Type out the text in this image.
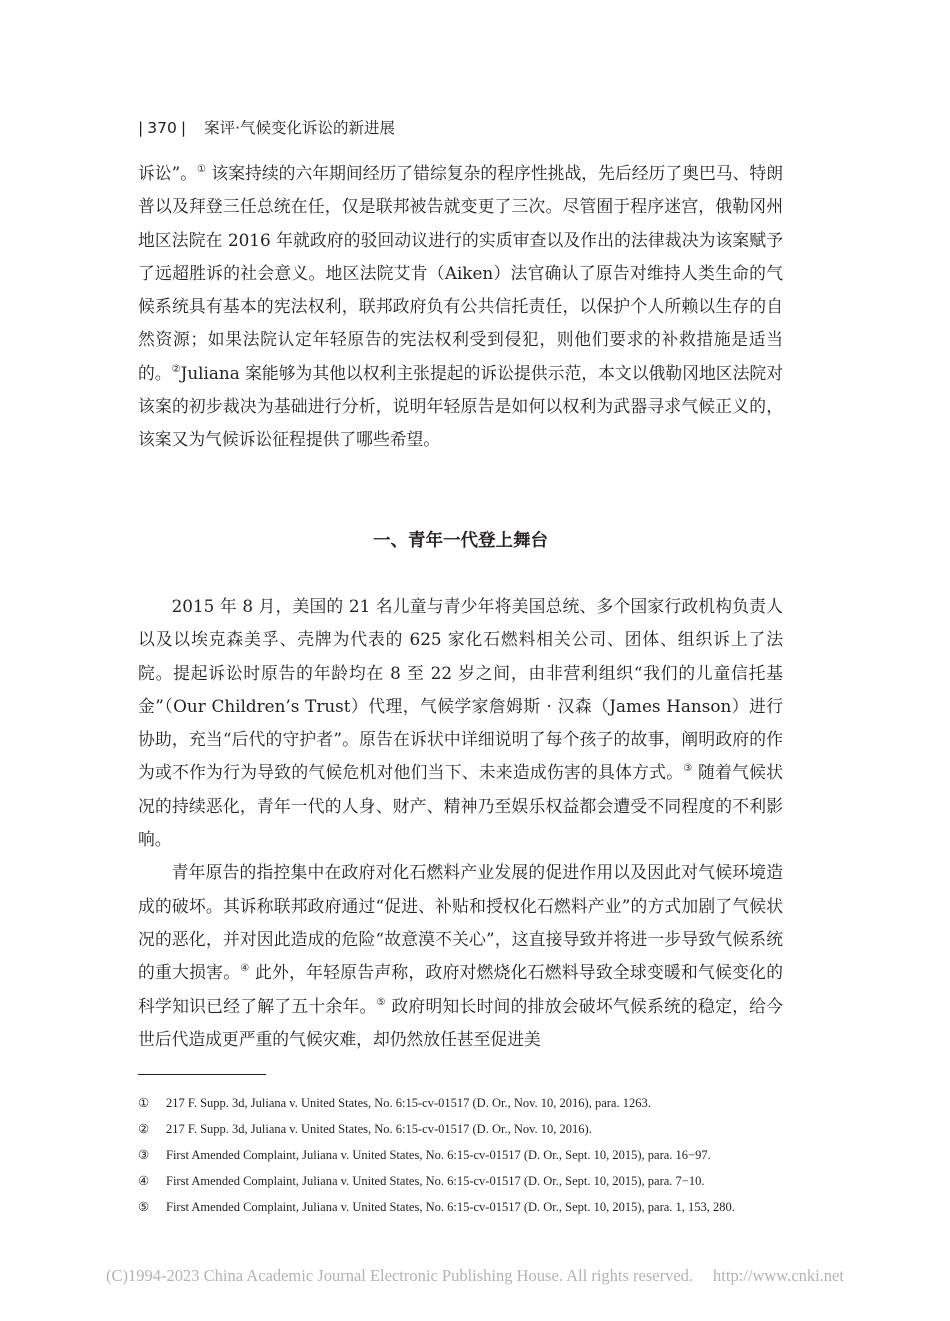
| 370 | 案评·气候变化诉讼的新进展

诉讼”。① 该案持续的六年期间经历了错综复杂的程序性挑战，先后经历了奥巴马、特朗普以及拜登三任总统在任，仅是联邦被告就变更了三次。尽管囿于程序迷宫，俄勒冈州地区法院在 2016 年就政府的驳回动议进行的实质审查以及作出的法律裁决为该案赋予了远超胜诉的社会意义。地区法院艾肯（Aiken）法官确认了原告对维持人类生命的气候系统具有基本的宪法权利，联邦政府负有公共信托责任，以保护个人所赖以生存的自然资源；如果法院认定年轻原告的宪法权利受到侵犯，则他们要求的补救措施是适当的。②Juliana 案能够为其他以权利主张提起的诉讼提供示范，本文以俄勒冈地区法院对该案的初步裁决为基础进行分析，说明年轻原告是如何以权利为武器寻求气候正义的，该案又为气候诉讼征程提供了哪些希望。

一、青年一代登上舞台

2015 年 8 月，美国的 21 名儿童与青少年将美国总统、多个国家行政机构负责人以及以埃克森美孚、壳牌为代表的 625 家化石燃料相关公司、团体、组织诉上了法院。提起诉讼时原告的年龄均在 8 至 22 岁之间，由非营利组织“我们的儿童信托基金”（Our Children’s Trust）代理，气候学家詹姆斯 · 汉森（James Hanson）进行协助，充当“后代的守护者”。原告在诉状中详细说明了每个孩子的故事，阐明政府的作为或不作为行为导致的气候危机对他们当下、未来造成伤害的具体方式。③ 随着气候状况的持续恶化，青年一代的人身、财产、精神乃至娱乐权益都会遭受不同程度的不利影响。

青年原告的指控集中在政府对化石燃料产业发展的促进作用以及因此对气候环境造成的破坏。其诉称联邦政府通过“促进、补贴和授权化石燃料产业”的方式加剧了气候状况的恶化，并对因此造成的危险“故意漠不关心”，这直接导致并将进一步导致气候系统的重大损害。④ 此外，年轻原告声称，政府对燃烧化石燃料导致全球变暖和气候变化的科学知识已经了解了五十余年。⑤ 政府明知长时间的排放会破坏气候系统的稳定，给今世后代造成更严重的气候灾难，却仍然放任甚至促进美

①	217 F. Supp. 3d, Juliana v. United States, No. 6:15-cv-01517 (D. Or., Nov. 10, 2016), para. 1263.
②	217 F. Supp. 3d, Juliana v. United States, No. 6:15-cv-01517 (D. Or., Nov. 10, 2016).
③	First Amended Complaint, Juliana v. United States, No. 6:15-cv-01517 (D. Or., Sept. 10, 2015), para. 16−97.
④	First Amended Complaint, Juliana v. United States, No. 6:15-cv-01517 (D. Or., Sept. 10, 2015), para. 7−10.
⑤	First Amended Complaint, Juliana v. United States, No. 6:15-cv-01517 (D. Or., Sept. 10, 2015), para. 1, 153, 280.
(C)1994-2023 China Academic Journal Electronic Publishing House. All rights reserved. http://www.cnki.net
